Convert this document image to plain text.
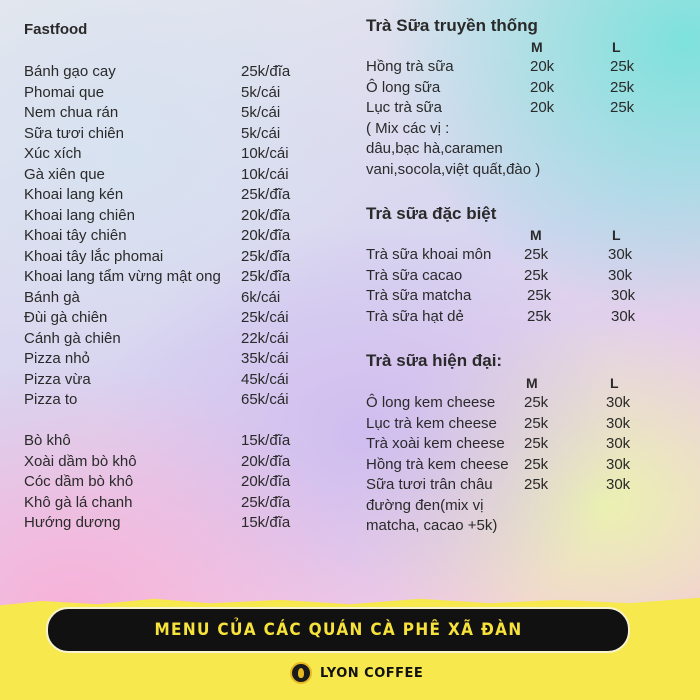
Fastfood
Bánh gạo cay	25k/đĩa
Phomai que	5k/cái
Nem chua rán	5k/cái
Sữa tươi chiên	5k/cái
Xúc xích	10k/cái
Gà xiên que	10k/cái
Khoai lang kén	25k/đĩa
Khoai lang chiên	20k/đĩa
Khoai tây chiên	20k/đĩa
Khoai tây lắc phomai	25k/đĩa
Khoai lang tẩm vừng mật ong 25k/đĩa
Bánh gà	6k/cái
Đùi gà chiên	25k/cái
Cánh gà chiên	22k/cái
Pizza nhỏ	35k/cái
Pizza vừa	45k/cái
Pizza to	65k/cái
Bò khô	15k/đĩa
Xoài dầm bò khô	20k/đĩa
Cóc dầm bò khô	20k/đĩa
Khô gà lá chanh	25k/đĩa
Hướng dương	15k/đĩa
Trà Sữa truyền thống
M	L
Hồng trà sữa	20k	25k
Ô long sữa	20k	25k
Lục trà sữa	20k	25k
( Mix các vị :
dâu,bạc hà,caramen
vani,socola,việt quất,đào )
Trà sữa đặc biệt
M	L
Trà sữa khoai môn 25k	30k
Trà sữa cacao	25k	30k
Trà sữa matcha	25k	30k
Trà sữa hạt dẻ	25k	30k
Trà sữa hiện đại:
M	L
Ô long kem cheese 25k	30k
Lục trà kem cheese 25k	30k
Trà xoài kem cheese 25k	30k
Hồng trà kem cheese 25k	30k
Sữa tươi trân châu 25k	30k
đường đen(mix vị
matcha, cacao +5k)
MENU CỦA CÁC QUÁN CÀ PHÊ XÃ ĐÀN
LYON COFFEE
